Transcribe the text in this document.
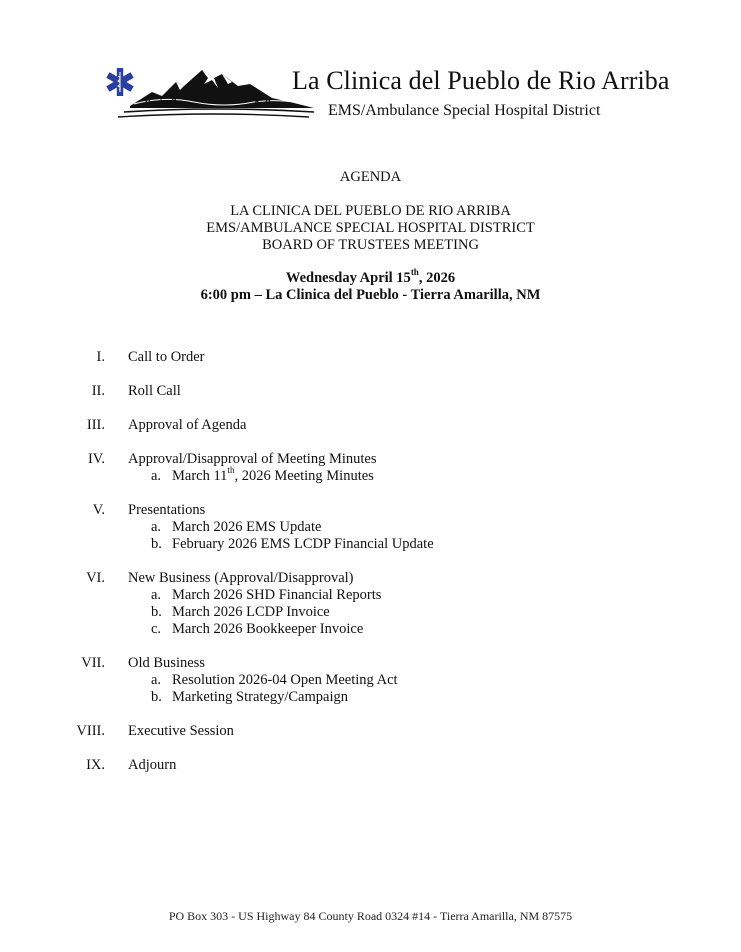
La Clinica del Pueblo de Rio Arriba
EMS/Ambulance Special Hospital District
AGENDA
LA CLINICA DEL PUEBLO DE RIO ARRIBA
EMS/AMBULANCE SPECIAL HOSPITAL DISTRICT
BOARD OF TRUSTEES MEETING
Wednesday April 15th, 2026
6:00 pm – La Clinica del Pueblo - Tierra Amarilla, NM
I. Call to Order
II. Roll Call
III. Approval of Agenda
IV. Approval/Disapproval of Meeting Minutes
a. March 11th, 2026 Meeting Minutes
V. Presentations
a. March 2026 EMS Update
b. February 2026 EMS LCDP Financial Update
VI. New Business (Approval/Disapproval)
a. March 2026 SHD Financial Reports
b. March 2026 LCDP Invoice
c. March 2026 Bookkeeper Invoice
VII. Old Business
a. Resolution 2026-04 Open Meeting Act
b. Marketing Strategy/Campaign
VIII. Executive Session
IX. Adjourn
PO Box 303 - US Highway 84 County Road 0324 #14 - Tierra Amarilla, NM 87575
